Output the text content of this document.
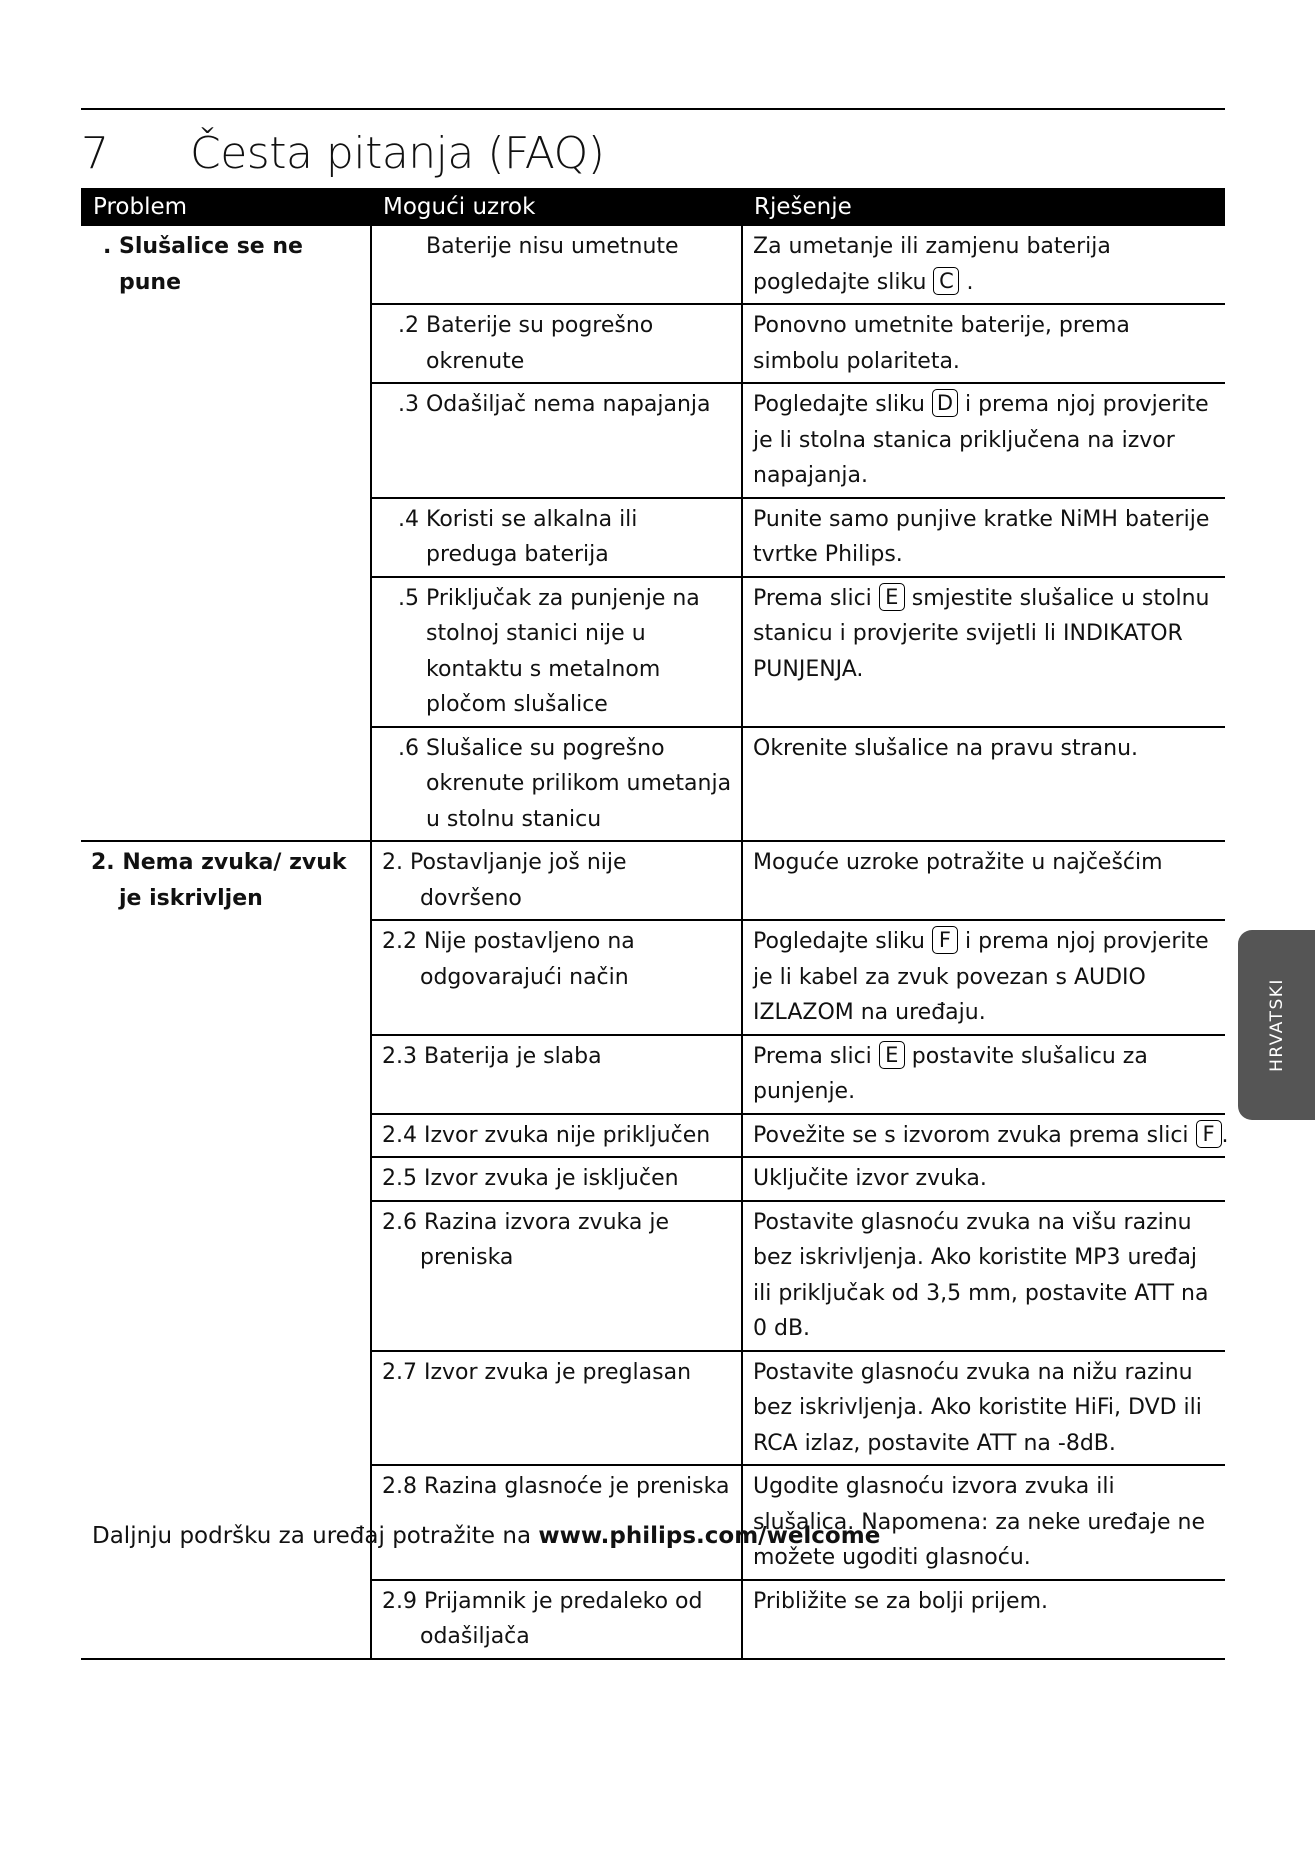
7 Česta pitanja (FAQ)
Problem	Mogući uzrok	Rješenje

. Slušalice se ne pune	Baterije nisu umetnute	Za umetanje ili zamjenu baterija pogledajte sliku C .

	.2 Baterije su pogrešno okrenute	Ponovno umetnite baterije, prema simbolu polariteta.

	.3 Odašiljač nema napajanja	Pogledajte sliku D i prema njoj provjerite je li stolna stanica priključena na izvor napajanja.

	.4 Koristi se alkalna ili preduga baterija	Punite samo punjive kratke NiMH baterije tvrtke Philips.

	.5 Priključak za punjenje na stolnoj stanici nije u kontaktu s metalnom pločom slušalice	Prema slici E smjestite slušalice u stolnu stanicu i provjerite svijetli li INDIKATOR PUNJENJA.

	.6 Slušalice su pogrešno okrenute prilikom umetanja u stolnu stanicu	Okrenite slušalice na pravu stranu.

2. Nema zvuka/ zvuk je iskrivljen	2. Postavljanje još nije dovršeno	Moguće uzroke potražite u najčešćim

	2.2 Nije postavljeno na odgovarajući način	Pogledajte sliku F i prema njoj provjerite je li kabel za zvuk povezan s AUDIO IZLAZOM na uređaju.

	2.3 Baterija je slaba	Prema slici E postavite slušalicu za punjenje.

	2.4 Izvor zvuka nije priključen	Povežite se s izvorom zvuka prema slici F .

	2.5 Izvor zvuka je isključen	Uključite izvor zvuka.

	2.6 Razina izvora zvuka je preniska	Postavite glasnoću zvuka na višu razinu bez iskrivljenja. Ako koristite MP3 uređaj ili priključak od 3,5 mm, postavite ATT na 0 dB.

	2.7 Izvor zvuka je preglasan	Postavite glasnoću zvuka na nižu razinu bez iskrivljenja. Ako koristite HiFi, DVD ili RCA izlaz, postavite ATT na -8dB.

	2.8 Razina glasnoće je preniska	Ugodite glasnoću izvora zvuka ili slušalica. Napomena: za neke uređaje ne možete ugoditi glasnoću.

	2.9 Prijamnik je predaleko od odašiljača	Približite se za bolji prijem.
Daljnju podršku za uređaj potražite na www.philips.com/welcome
HRVATSKI
